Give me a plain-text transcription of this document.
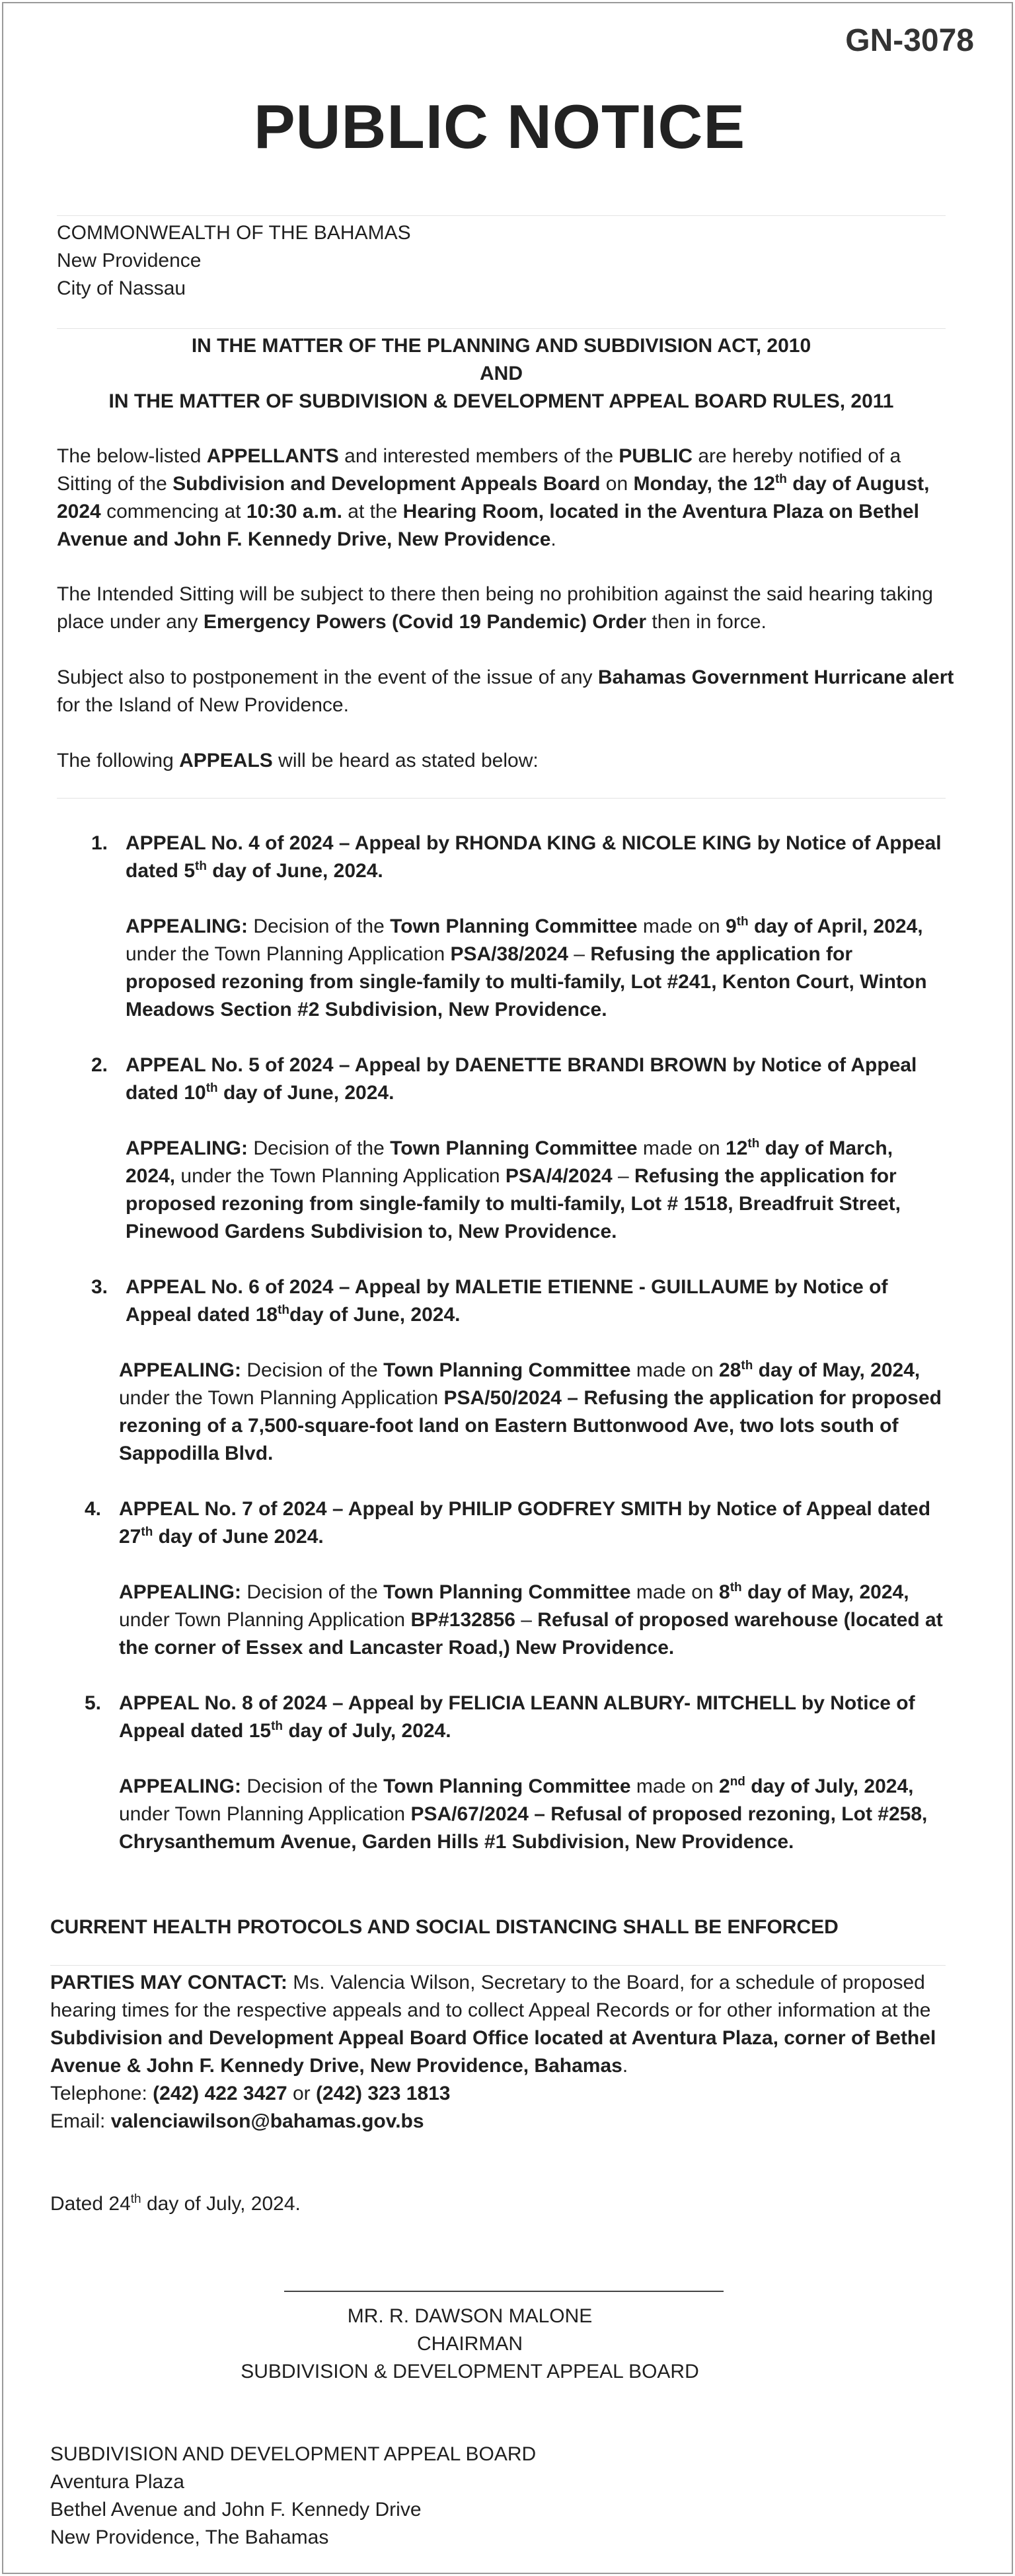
GN-3078
PUBLIC NOTICE
COMMONWEALTH OF THE BAHAMAS
New Providence
City of Nassau
IN THE MATTER OF THE PLANNING AND SUBDIVISION ACT, 2010
AND
IN THE MATTER OF SUBDIVISION & DEVELOPMENT APPEAL BOARD RULES, 2011
The below-listed APPELLANTS and interested members of the PUBLIC are hereby notified of a Sitting of the Subdivision and Development Appeals Board on Monday, the 12th day of August, 2024 commencing at 10:30 a.m. at the Hearing Room, located in the Aventura Plaza on Bethel Avenue and John F. Kennedy Drive, New Providence.
The Intended Sitting will be subject to there then being no prohibition against the said hearing taking place under any Emergency Powers (Covid 19 Pandemic) Order then in force.
Subject also to postponement in the event of the issue of any Bahamas Government Hurricane alert for the Island of New Providence.
The following APPEALS will be heard as stated below:
1. APPEAL No. 4 of 2024 – Appeal by RHONDA KING & NICOLE KING by Notice of Appeal dated 5th day of June, 2024.
APPEALING: Decision of the Town Planning Committee made on 9th day of April, 2024, under the Town Planning Application PSA/38/2024 – Refusing the application for proposed rezoning from single-family to multi-family, Lot #241, Kenton Court, Winton Meadows Section #2 Subdivision, New Providence.
2. APPEAL No. 5 of 2024 – Appeal by DAENETTE BRANDI BROWN by Notice of Appeal dated 10th day of June, 2024.
APPEALING: Decision of the Town Planning Committee made on 12th day of March, 2024, under the Town Planning Application PSA/4/2024 – Refusing the application for proposed rezoning from single-family to multi-family, Lot # 1518, Breadfruit Street, Pinewood Gardens Subdivision to, New Providence.
3. APPEAL No. 6 of 2024 – Appeal by MALETIE ETIENNE - GUILLAUME by Notice of Appeal dated 18thday of June, 2024.
APPEALING: Decision of the Town Planning Committee made on 28th day of May, 2024, under the Town Planning Application PSA/50/2024 – Refusing the application for proposed rezoning of a 7,500-square-foot land on Eastern Buttonwood Ave, two lots south of Sappodilla Blvd.
4. APPEAL No. 7 of 2024 – Appeal by PHILIP GODFREY SMITH by Notice of Appeal dated 27th day of June 2024.
APPEALING: Decision of the Town Planning Committee made on 8th day of May, 2024, under Town Planning Application BP#132856 – Refusal of proposed warehouse (located at the corner of Essex and Lancaster Road,) New Providence.
5. APPEAL No. 8 of 2024 – Appeal by FELICIA LEANN ALBURY- MITCHELL by Notice of Appeal dated 15th day of July, 2024.
APPEALING: Decision of the Town Planning Committee made on 2nd day of July, 2024, under Town Planning Application PSA/67/2024 – Refusal of proposed rezoning, Lot #258, Chrysanthemum Avenue, Garden Hills #1 Subdivision, New Providence.
CURRENT HEALTH PROTOCOLS AND SOCIAL DISTANCING SHALL BE ENFORCED
PARTIES MAY CONTACT: Ms. Valencia Wilson, Secretary to the Board, for a schedule of proposed hearing times for the respective appeals and to collect Appeal Records or for other information at the Subdivision and Development Appeal Board Office located at Aventura Plaza, corner of Bethel Avenue & John F. Kennedy Drive, New Providence, Bahamas.
Telephone: (242) 422 3427 or (242) 323 1813
Email: valenciawilson@bahamas.gov.bs
Dated 24th day of July, 2024.
MR. R. DAWSON MALONE
CHAIRMAN
SUBDIVISION & DEVELOPMENT APPEAL BOARD
SUBDIVISION AND DEVELOPMENT APPEAL BOARD
Aventura Plaza
Bethel Avenue and John F. Kennedy Drive
New Providence, The Bahamas
